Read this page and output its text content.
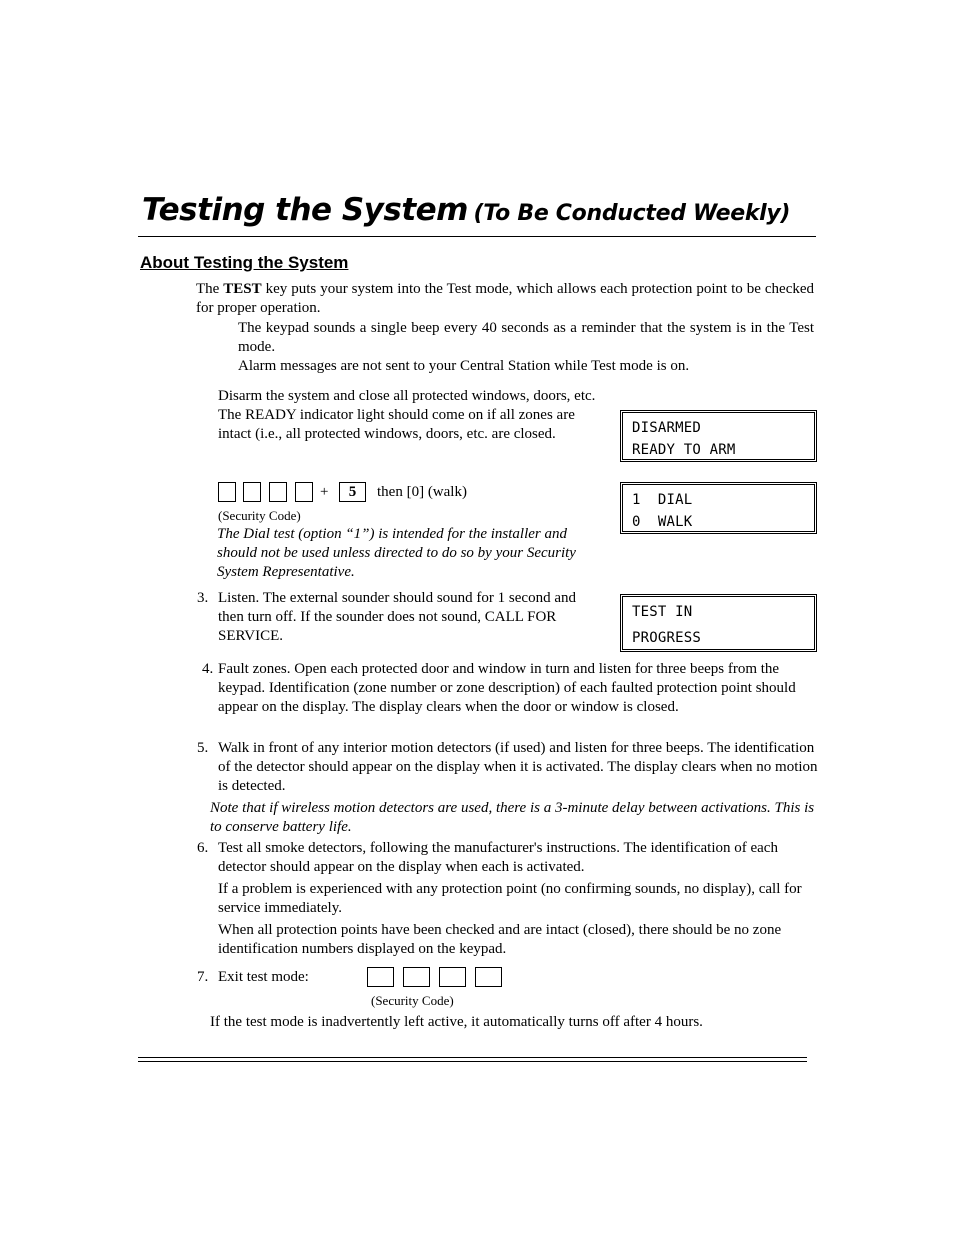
Testing the System (To Be Conducted Weekly)
About Testing the System
The TEST key puts your system into the Test mode, which allows each protection point to be checked for proper operation.
The keypad sounds a single beep every 40 seconds as a reminder that the system is in the Test mode.
Alarm messages are not sent to your Central Station while Test mode is on.
Disarm the system and close all protected windows, doors, etc. The READY indicator light should come on if all zones are intact (i.e., all protected windows, doors, etc. are closed.	DISARMED
READY TO ARM
+	5	then [0] (walk)
(Security Code)
The Dial test (option “1”) is intended for the installer and should not be used unless directed to do so by your Security System Representative.
1  DIAL
0  WALK
3. Listen. The external sounder should sound for 1 second and then turn off. If the sounder does not sound, CALL FOR SERVICE.
TEST IN
PROGRESS
4. Fault zones. Open each protected door and window in turn and listen for three beeps from the keypad. Identification (zone number or zone description) of each faulted protection point should appear on the display. The display clears when the door or window is closed.
5. Walk in front of any interior motion detectors (if used) and listen for three beeps. The identification of the detector should appear on the display when it is activated. The display clears when no motion is detected.
Note that if wireless motion detectors are used, there is a 3-minute delay between activations. This is to conserve battery life.
6. Test all smoke detectors, following the manufacturer's instructions. The identification of each detector should appear on the display when each is activated.
If a problem is experienced with any protection point (no confirming sounds, no display), call for service immediately.
When all protection points have been checked and are intact (closed), there should be no zone identification numbers displayed on the keypad.
7. Exit test mode:
(Security Code)
If the test mode is inadvertently left active, it automatically turns off after 4 hours.
